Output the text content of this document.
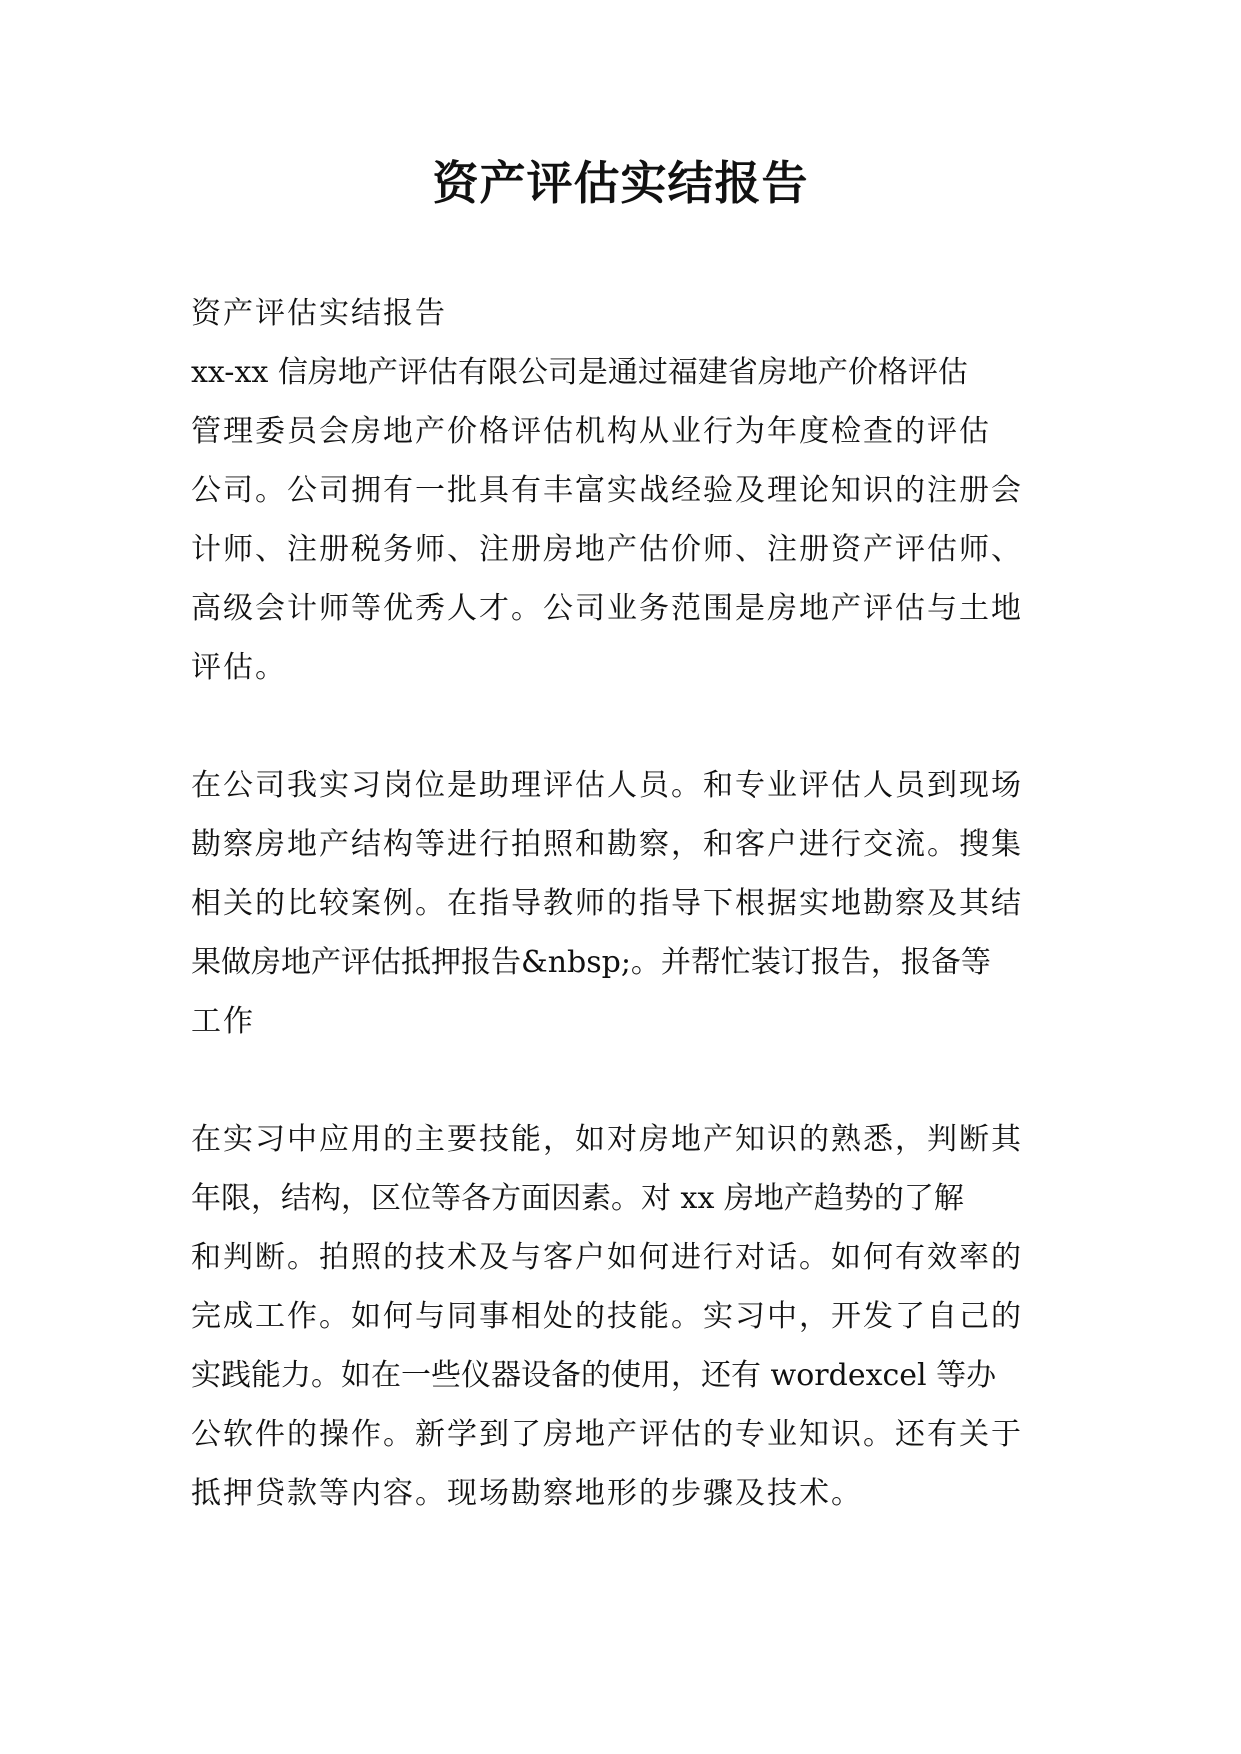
资产评估实结报告
资产评估实结报告
xx-xx 信房地产评估有限公司是通过福建省房地产价格评估
管理委员会房地产价格评估机构从业行为年度检查的评估
公司。公司拥有一批具有丰富实战经验及理论知识的注册会
计师、注册税务师、注册房地产估价师、注册资产评估师、
高级会计师等优秀人才。公司业务范围是房地产评估与土地
评估。
在公司我实习岗位是助理评估人员。和专业评估人员到现场
勘察房地产结构等进行拍照和勘察，和客户进行交流。搜集
相关的比较案例。在指导教师的指导下根据实地勘察及其结
果做房地产评估抵押报告&nbsp;。并帮忙装订报告，报备等
工作
在实习中应用的主要技能，如对房地产知识的熟悉，判断其
年限，结构，区位等各方面因素。对 xx 房地产趋势的了解
和判断。拍照的技术及与客户如何进行对话。如何有效率的
完成工作。如何与同事相处的技能。实习中，开发了自己的
实践能力。如在一些仪器设备的使用，还有 wordexcel 等办
公软件的操作。新学到了房地产评估的专业知识。还有关于
抵押贷款等内容。现场勘察地形的步骤及技术。
